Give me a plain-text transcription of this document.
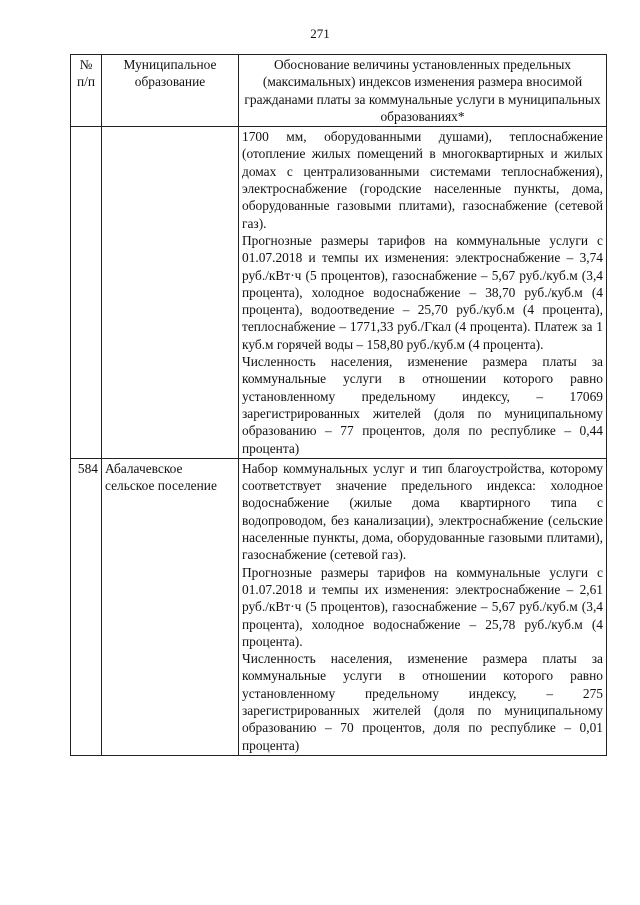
271
№ п/п	Муниципальное образование	Обоснование величины установленных предельных (максимальных) индексов изменения размера вносимой гражданами платы за коммунальные услуги в муниципальных образованиях*

		1700 мм, оборудованными душами), теплоснабжение (отопление жилых помещений в многоквартирных и жилых домах с централизованными системами теплоснабжения), электроснабжение (городские населенные пункты, дома, оборудованные газовыми плитами), газоснабжение (сетевой газ).

Прогнозные размеры тарифов на коммунальные услуги с 01.07.2018 и темпы их изменения: электроснабжение – 3,74 руб./кВт·ч (5 процентов), газоснабжение – 5,67 руб./куб.м (3,4 процента), холодное водоснабжение – 38,70 руб./куб.м (4 процента), водоотведение – 25,70 руб./куб.м (4 процента), теплоснабжение – 1771,33 руб./Гкал (4 процента). Платеж за 1 куб.м горячей воды – 158,80 руб./куб.м (4 процента).

Численность населения, изменение размера платы за коммунальные услуги в отношении которого равно установленному предельному индексу, – 17069 зарегистрированных жителей (доля по муниципальному образованию – 77 процентов, доля по республике – 0,44 процента)

584	Абалачевское сельское поселение	Набор коммунальных услуг и тип благоустройства, которому соответствует значение предельного индекса: холодное водоснабжение (жилые дома квартирного типа с водопроводом, без канализации), электроснабжение (сельские населенные пункты, дома, оборудованные газовыми плитами), газоснабжение (сетевой газ).

Прогнозные размеры тарифов на коммунальные услуги с 01.07.2018 и темпы их изменения: электроснабжение – 2,61 руб./кВт·ч (5 процентов), газоснабжение – 5,67 руб./куб.м (3,4 процента), холодное водоснабжение – 25,78 руб./куб.м (4 процента).

Численность населения, изменение размера платы за коммунальные услуги в отношении которого равно установленному предельному индексу, – 275 зарегистрированных жителей (доля по муниципальному образованию – 70 процентов, доля по республике – 0,01 процента)
